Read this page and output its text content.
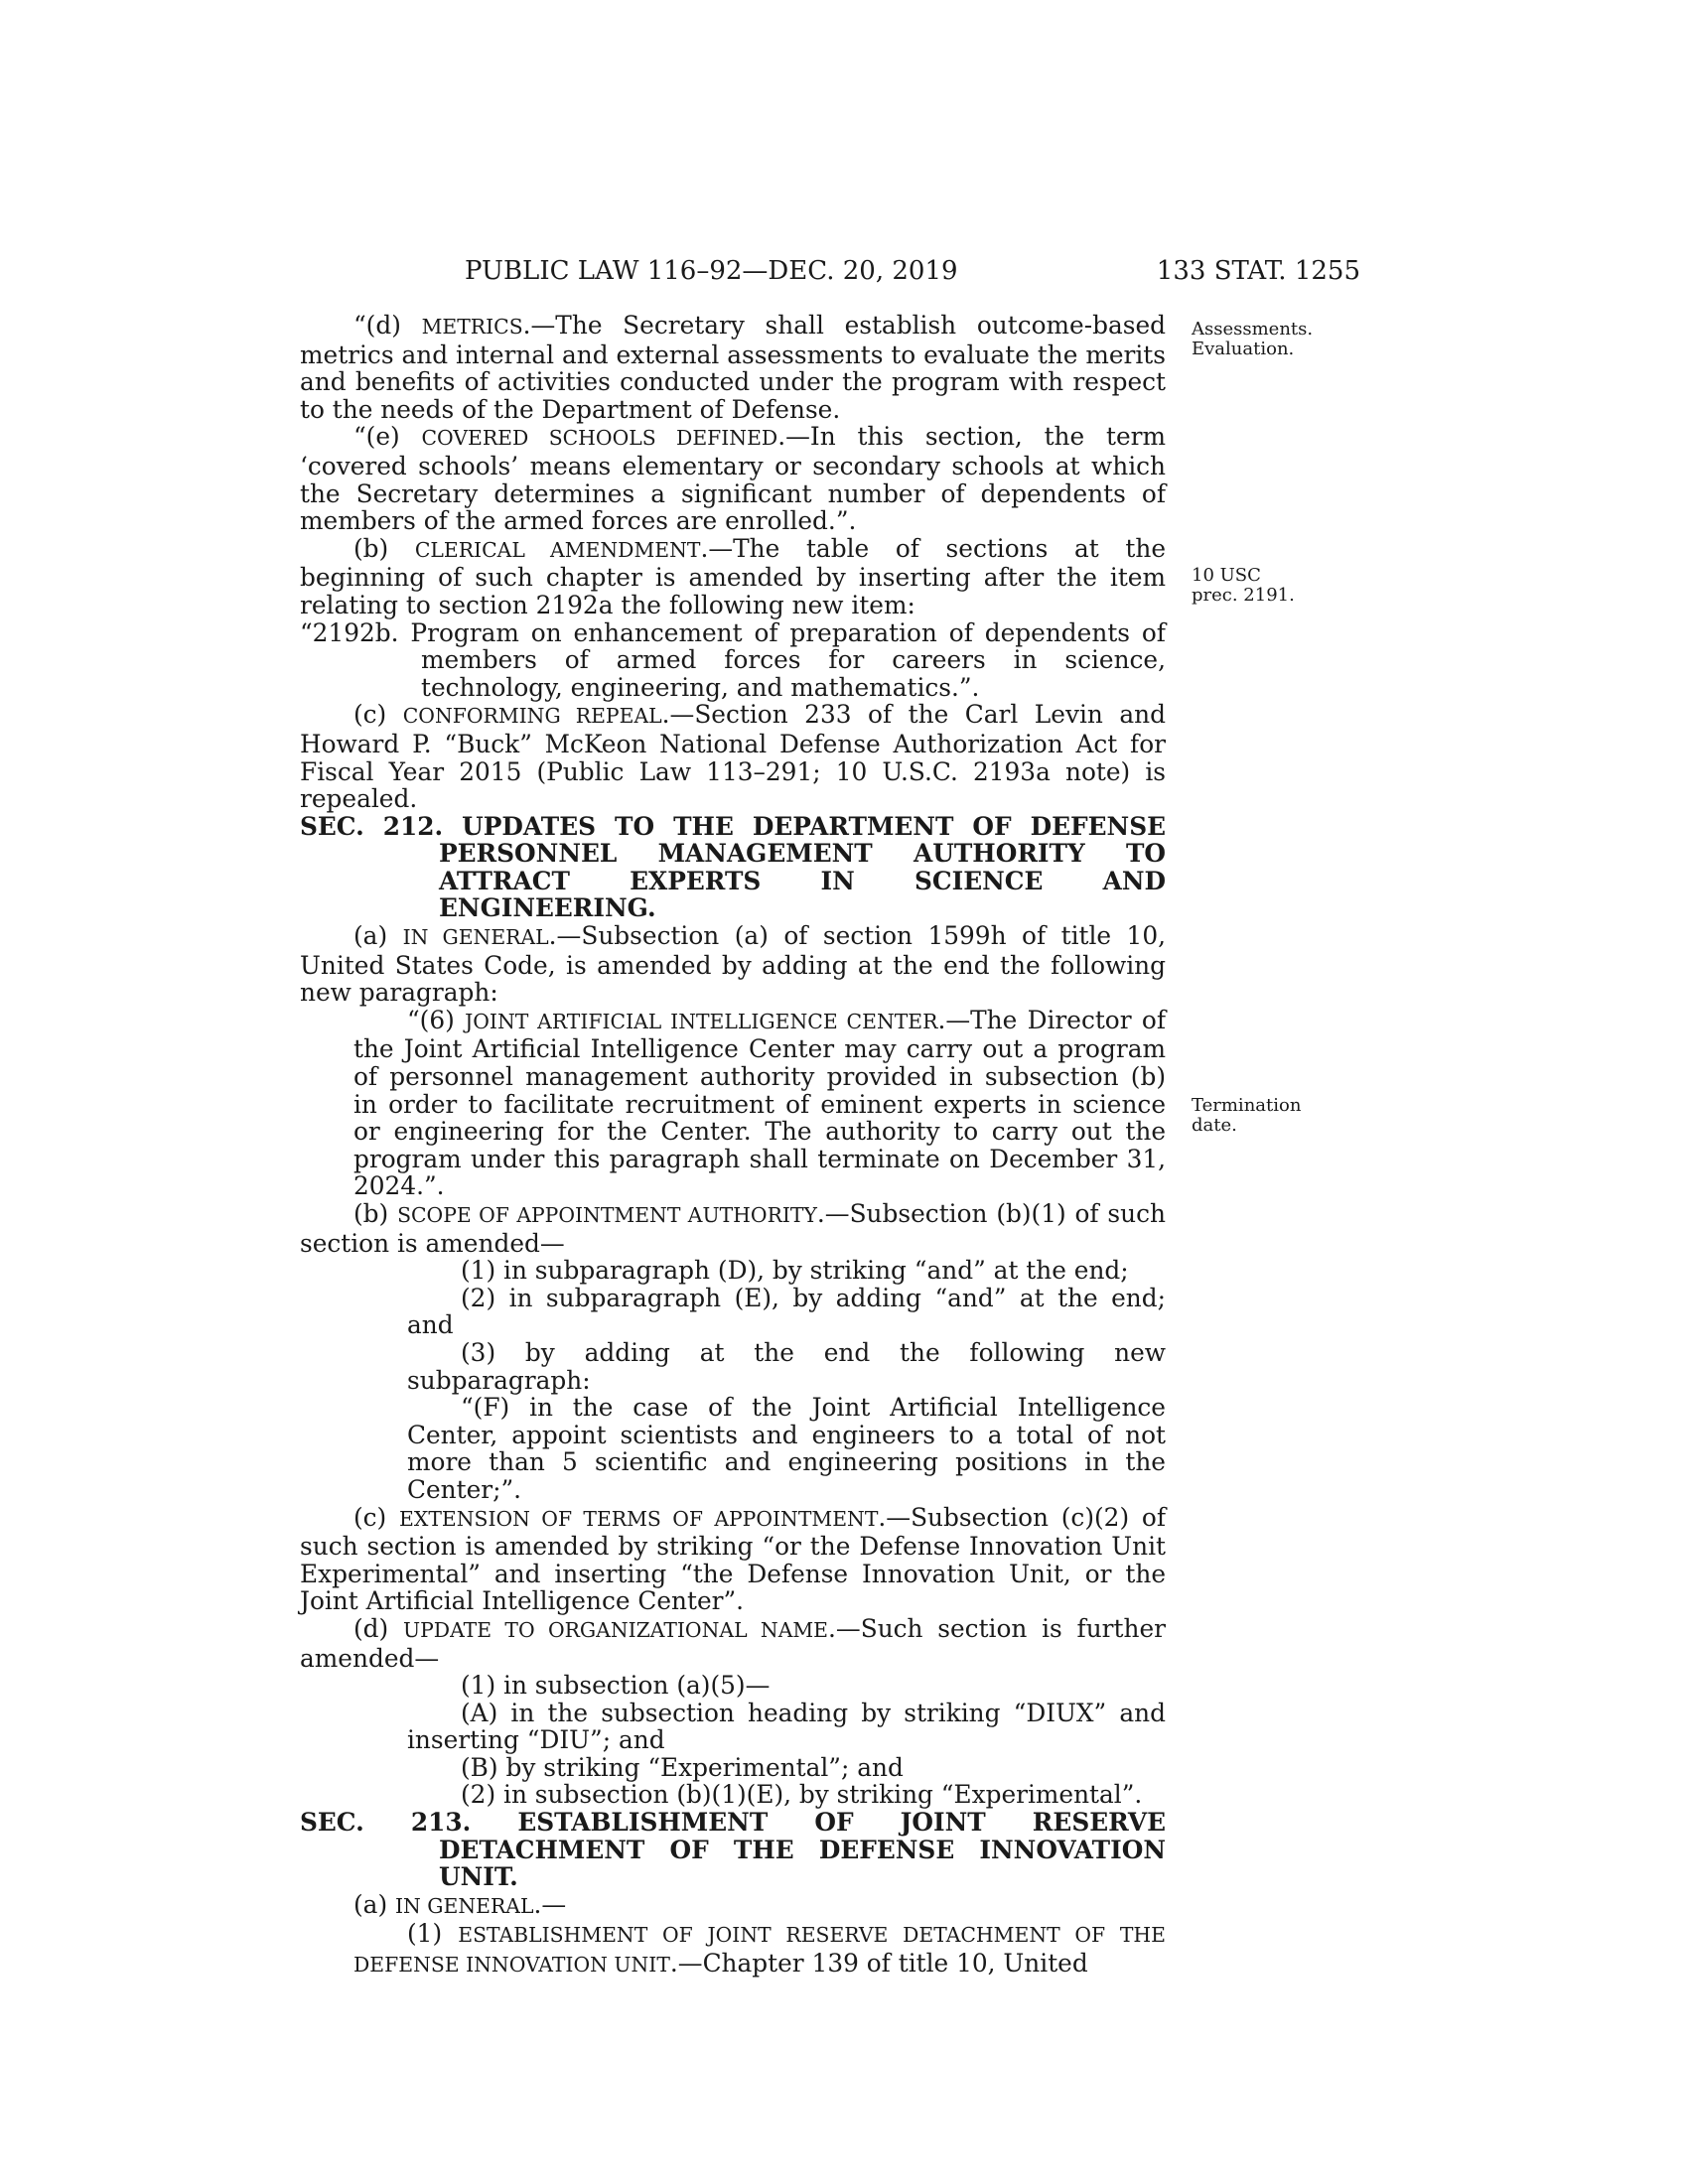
PUBLIC LAW 116–92—DEC. 20, 2019	133 STAT. 1255
Assessments.
Evaluation.
10 USC
prec. 2191.
Termination
date.

“(d) METRICS.—The Secretary shall establish outcome-based metrics and internal and external assessments to evaluate the merits and benefits of activities conducted under the program with respect to the needs of the Department of Defense.

“(e) COVERED SCHOOLS DEFINED.—In this section, the term ‘covered schools’ means elementary or secondary schools at which the Secretary determines a significant number of dependents of members of the armed forces are enrolled.”.

(b) CLERICAL AMENDMENT.—The table of sections at the beginning of such chapter is amended by inserting after the item relating to section 2192a the following new item:

“2192b. Program on enhancement of preparation of dependents of members of armed forces for careers in science, technology, engineering, and mathematics.”.

(c) CONFORMING REPEAL.—Section 233 of the Carl Levin and Howard P. “Buck” McKeon National Defense Authorization Act for Fiscal Year 2015 (Public Law 113–291; 10 U.S.C. 2193a note) is repealed.

SEC. 212. UPDATES TO THE DEPARTMENT OF DEFENSE PERSONNEL MANAGEMENT AUTHORITY TO ATTRACT EXPERTS IN SCIENCE AND ENGINEERING.

(a) IN GENERAL.—Subsection (a) of section 1599h of title 10, United States Code, is amended by adding at the end the following new paragraph:

“(6) JOINT ARTIFICIAL INTELLIGENCE CENTER.—The Director of the Joint Artificial Intelligence Center may carry out a program of personnel management authority provided in subsection (b) in order to facilitate recruitment of eminent experts in science or engineering for the Center. The authority to carry out the program under this paragraph shall terminate on December 31, 2024.”.

(b) SCOPE OF APPOINTMENT AUTHORITY.—Subsection (b)(1) of such section is amended—

(1) in subparagraph (D), by striking “and” at the end;

(2) in subparagraph (E), by adding “and” at the end; and

(3) by adding at the end the following new subparagraph:

“(F) in the case of the Joint Artificial Intelligence Center, appoint scientists and engineers to a total of not more than 5 scientific and engineering positions in the Center;”.

(c) EXTENSION OF TERMS OF APPOINTMENT.—Subsection (c)(2) of such section is amended by striking “or the Defense Innovation Unit Experimental” and inserting “the Defense Innovation Unit, or the Joint Artificial Intelligence Center”.

(d) UPDATE TO ORGANIZATIONAL NAME.—Such section is further amended—

(1) in subsection (a)(5)—

(A) in the subsection heading by striking “DIUX” and inserting “DIU”; and

(B) by striking “Experimental”; and

(2) in subsection (b)(1)(E), by striking “Experimental”.

SEC. 213. ESTABLISHMENT OF JOINT RESERVE DETACHMENT OF THE DEFENSE INNOVATION UNIT.

(a) IN GENERAL.—

(1) ESTABLISHMENT OF JOINT RESERVE DETACHMENT OF THE DEFENSE INNOVATION UNIT.—Chapter 139 of title 10, United
